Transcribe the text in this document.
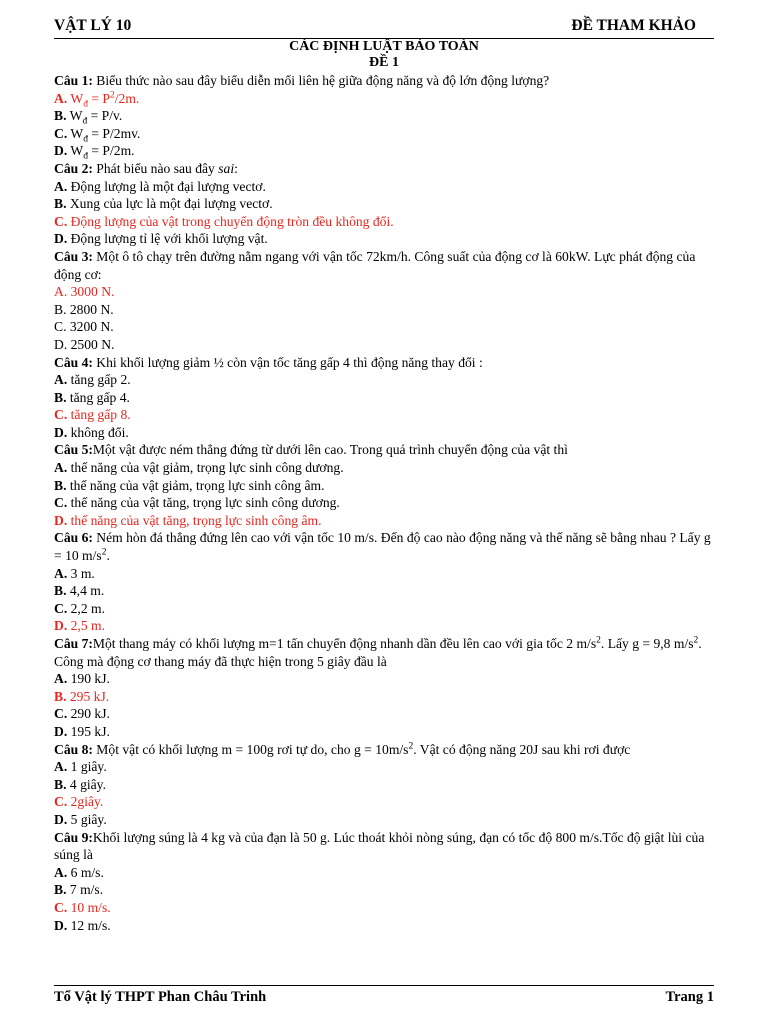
VẬT LÝ 10	ĐỀ THAM KHẢO
CÁC ĐỊNH LUẬT BẢO TOÀN
ĐỀ 1

Câu 1: Biểu thức nào sau đây biểu diễn mối liên hệ giữa động năng và độ lớn động lượng?

A. $W_đ = P^2/2m$.

B. $W_đ = P/v$.

C. $W_đ = P/2mv$.

D. $W_đ = P/2m$.

Câu 2: Phát biểu nào sau đây sai:

A. Động lượng là một đại lượng vectơ.

B. Xung của lực là một đại lượng vectơ.

C. Động lượng của vật trong chuyển động tròn đều không đổi.

D. Động lượng tỉ lệ với khối lượng vật.

Câu 3: Một ô tô chạy trên đường nằm ngang với vận tốc 72km/h. Công suất của động cơ là 60kW. Lực phát động của động cơ:

A. 3000 N.

B. 2800 N.

C. 3200 N.

D. 2500 N.

Câu 4: Khi khối lượng giảm ½ còn vận tốc tăng gấp 4 thì động năng thay đổi :

A. tăng gấp 2.

B. tăng gấp 4.

C. tăng gấp 8.

D. không đổi.

Câu 5:Một vật được ném thẳng đứng từ dưới lên cao. Trong quá trình chuyển động của vật thì

A. thế năng của vật giảm, trọng lực sinh công dương.

B. thế năng của vật giảm, trọng lực sinh công âm.

C. thế năng của vật tăng, trọng lực sinh công dương.

D. thế năng của vật tăng, trọng lực sinh công âm.

Câu 6: Ném hòn đá thẳng đứng lên cao với vận tốc 10 m/s. Đến độ cao nào động năng và thế năng sẽ bằng nhau ? Lấy g = 10 $m/s^2$.

A. 3 m.

B. 4,4 m.

C. 2,2 m.

D. 2,5 m.

Câu 7:Một thang máy có khối lượng m=1 tấn chuyển động nhanh dần đều lên cao với gia tốc 2 $m/s^2$. Lấy g = 9,8 $m/s^2$. Công mà động cơ thang máy đã thực hiện trong 5 giây đầu là

A. 190 kJ.

B. 295 kJ.

C. 290 kJ.

D. 195 kJ.

Câu 8: Một vật có khối lượng m = 100g rơi tự do, cho $g = 10m/s^2$. Vật có động năng 20J sau khi rơi được

A. 1 giây.

B. 4 giây.

C. 2giây.

D. 5 giây.

Câu 9:Khối lượng súng là 4 kg và của đạn là 50 g. Lúc thoát khỏi nòng súng, đạn có tốc độ 800 m/s.Tốc độ giật lùi của súng là

A. 6 m/s.

B. 7 m/s.

C. 10 m/s.

D. 12 m/s.

Tổ Vật lý THPT Phan Châu Trinh	Trang 1
